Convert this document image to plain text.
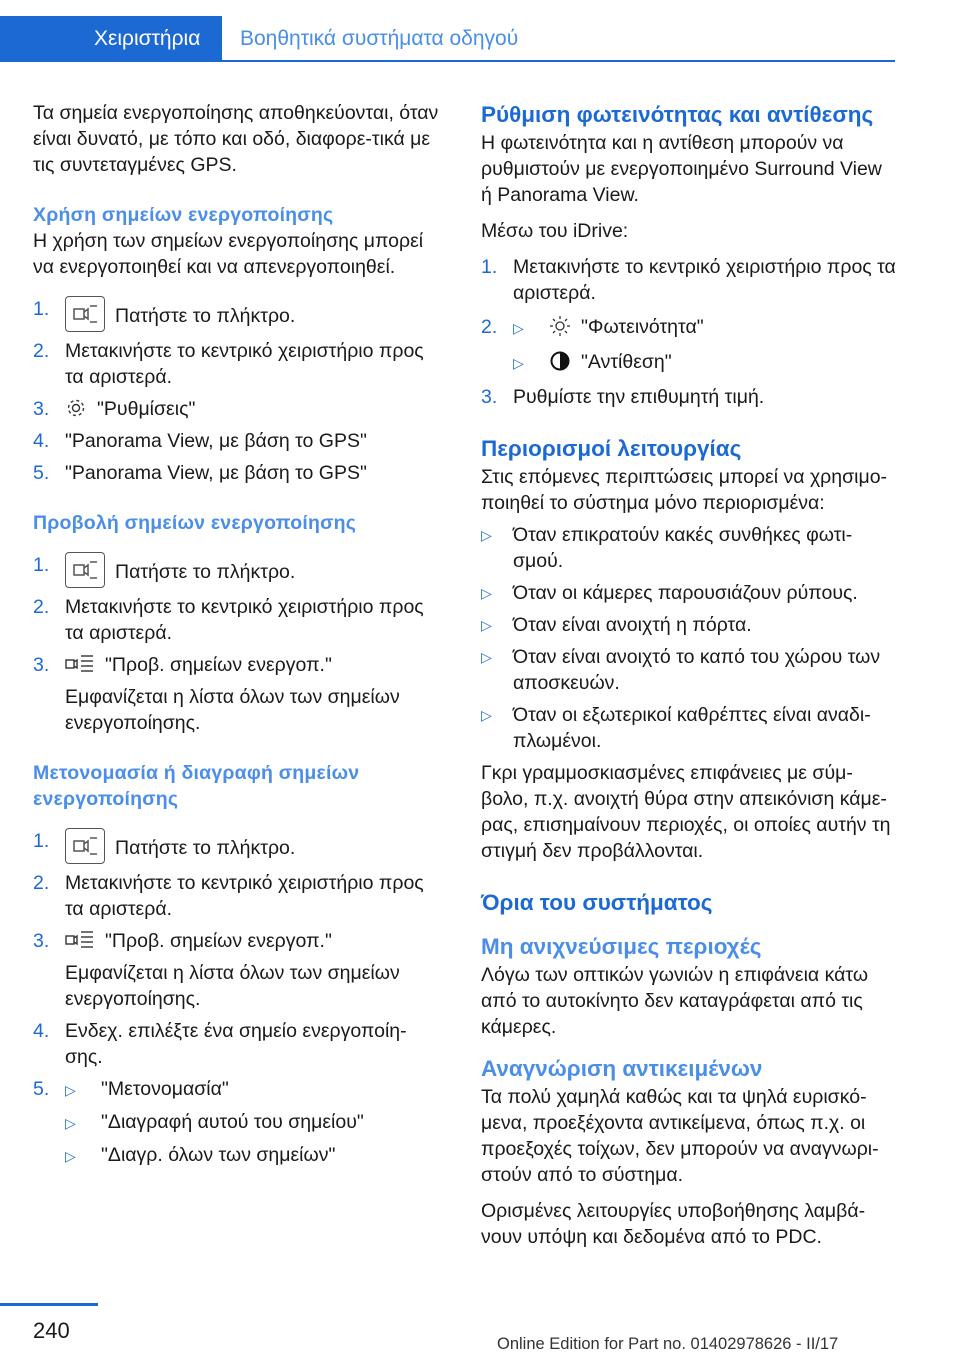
Χειριστήρια	Βοηθητικά συστήματα οδηγού

Τα σημεία ενεργοποίησης αποθηκεύονται, όταν είναι δυνατό, με τόπο και οδό, διαφορε-τικά με τις συντεταγμένες GPS.

Χρήση σημείων ενεργοποίησης

Η χρήση των σημείων ενεργοποίησης μπορεί να ενεργοποιηθεί και να απενεργοποιηθεί.

1.	Πατήστε το πλήκτρο.
2. Μετακινήστε το κεντρικό χειριστήριο προς τα αριστερά.
3. "Ρυθμίσεις"
4. "Panorama View, με βάση το GPS"
5. "Panorama View, με βάση το GPS"
Προβολή σημείων ενεργοποίησης
1.	Πατήστε το πλήκτρο.
2. Μετακινήστε το κεντρικό χειριστήριο προς τα αριστερά.
3.	"Προβ. σημείων ενεργοπ."
Εμφανίζεται η λίστα όλων των σημείων ενεργοποίησης.
Μετονομασία ή διαγραφή σημείων ενεργοποίησης
1.	Πατήστε το πλήκτρο.
2. Μετακινήστε το κεντρικό χειριστήριο προς τα αριστερά.
3.	"Προβ. σημείων ενεργοπ."
Εμφανίζεται η λίστα όλων των σημείων ενεργοποίησης.
4. Ενδεχ. επιλέξτε ένα σημείο ενεργοποίη-σης.
5. ▷ "Μετονομασία"
▷ "Διαγραφή αυτού του σημείου"
▷ "Διαγρ. όλων των σημείων"
Ρύθμιση φωτεινότητας και αντίθεσης

Η φωτεινότητα και η αντίθεση μπορούν να ρυθμιστούν με ενεργοποιημένο Surround View ή Panorama View.

Μέσω του iDrive:

1. Μετακινήστε το κεντρικό χειριστήριο προς τα αριστερά.
2. ▷	"Φωτεινότητα"
▷	"Αντίθεση"
3. Ρυθμίστε την επιθυμητή τιμή.
Περιορισμοί λειτουργίας

Στις επόμενες περιπτώσεις μπορεί να χρησιμο-ποιηθεί το σύστημα μόνο περιορισμένα:

▷	Όταν επικρατούν κακές συνθήκες φωτι-σμού.
▷	Όταν οι κάμερες παρουσιάζουν ρύπους.
▷	Όταν είναι ανοιχτή η πόρτα.
▷	Όταν είναι ανοιχτό το καπό του χώρου των αποσκευών.
▷	Όταν οι εξωτερικοί καθρέπτες είναι αναδι-πλωμένοι.

Γκρι γραμμοσκιασμένες επιφάνειες με σύμ-βολο, π.χ. ανοιχτή θύρα στην απεικόνιση κάμε-ρας, επισημαίνουν περιοχές, οι οποίες αυτήν τη στιγμή δεν προβάλλονται.

Όρια του συστήματος
Μη ανιχνεύσιμες περιοχές

Λόγω των οπτικών γωνιών η επιφάνεια κάτω από το αυτοκίνητο δεν καταγράφεται από τις κάμερες.

Αναγνώριση αντικειμένων

Τα πολύ χαμηλά καθώς και τα ψηλά ευρισκό-μενα, προεξέχοντα αντικείμενα, όπως π.χ. οι προεξοχές τοίχων, δεν μπορούν να αναγνωρι-στούν από το σύστημα.

Ορισμένες λειτουργίες υποβοήθησης λαμβά-νουν υπόψη και δεδομένα από το PDC.

240
Online Edition for Part no. 01402978626 - II/17
